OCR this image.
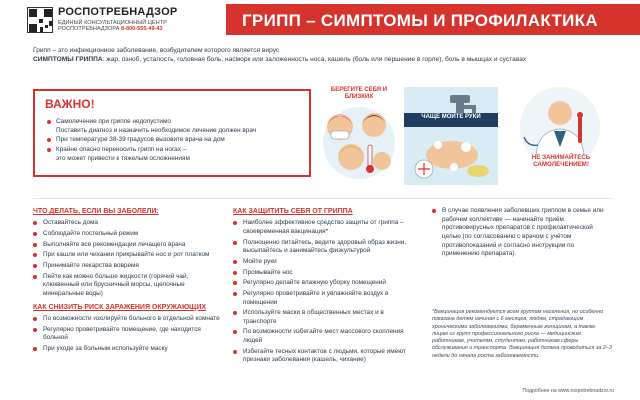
РОСПОТРЕБНАДЗОР
ЕДИНЫЙ КОНСУЛЬТАЦИОННЫЙ ЦЕНТР
РОСПОТРЕБНАДЗОРА 8-800-555-49-43	ГРИПП – СИМПТОМЫ И ПРОФИЛАКТИКА
Грипп – это инфекционное заболевание, возбудителем которого является вирус
СИМПТОМЫ ГРИППА: жар, озноб, усталость, головная боль, насморк или заложенность носа, кашель (боль или першение в горле), боль в мышцах и суставах
ВАЖНО!
Самолечение при гриппе недопустимо
Поставить диагноз и назначить необходимое лечение должен врач
При температуре 38-39 градусов вызовите врача на дом
Крайне опасно переносить грипп на ногах –
это может привести к тяжелым осложнениям
БЕРЕГИТЕ СЕБЯ И БЛИЗКИХ
ЧАЩЕ МОЙТЕ РУКИ
НЕ ЗАНИМАЙТЕСЬ САМОЛЕЧЕНИЕМ!
ЧТО ДЕЛАТЬ, ЕСЛИ ВЫ ЗАБОЛЕЛИ:
Оставайтесь дома
Соблюдайте постельный режим
Выполняйте все рекомендации лечащего врача
При кашле или чихании прикрывайте нос и рот платком
Принимайте лекарства вовремя
Пейте как можно больше жидкости (горячий чай, клюквенный или брусничный морсы, щелочные минеральные воды)
КАК СНИЗИТЬ РИСК ЗАРАЖЕНИЯ ОКРУЖАЮЩИХ
По возможности изолируйте больного в отдельной комнате
Регулярно проветривайте помещение, где находится больной
При уходе за больным используйте маску
КАК ЗАЩИТИТЬ СЕБЯ ОТ ГРИППА
Наиболее эффективное средство защиты от гриппа – своевременная вакцинация*
Полноценно питайтесь, ведите здоровый образ жизни, высыпайтесь и занимайтесь физкультурой
Мойте руки
Промывайте нос
Регулярно делайте влажную уборку помещений
Регулярно проветривайте и увлажняйте воздух в помещении
Используйте маски в общественных местах и в транспорте
По возможности избегайте мест массового скопления людей
Избегайте тесных контактов с людьми, которые имеют признаки заболевания (кашель, чихание)
В случае появления заболевших гриппом в семье или рабочем коллективе — начинайте приём противовирусных препаратов с профилактической целью (по согласованию с врачом с учётом противопоказаний и согласно инструкции по применению препарата).
*Вакцинация рекомендуется всем группам населения, но особенно показана детям начиная с 6 месяцев, людям, страдающим хроническими заболеваниями, беременным женщинам, а также лицам из групп профессионального риска — медицинским работникам, учителям, студентам, работникам сферы обслуживания и транспорта. Вакцинация должна проводиться за 2–3 недели до начала роста заболеваемости.
Подробнее на www.rospotrebnadzor.ru
